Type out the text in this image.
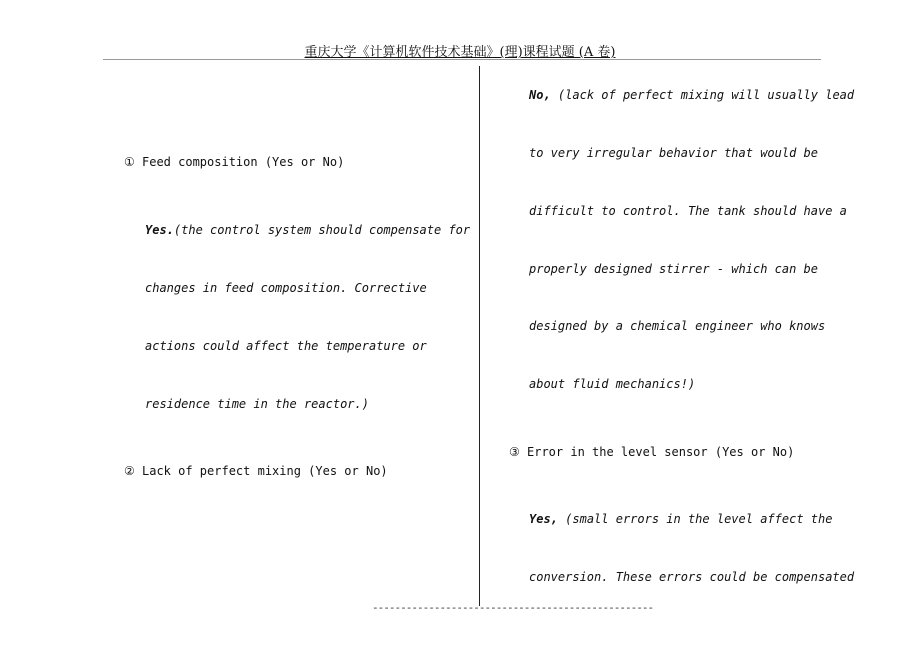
重庆大学《计算机软件技术基础》(理)课程试题 (A 卷)
① Feed composition (Yes or No)
Yes.(the control system should compensate for
changes in feed composition. Corrective
actions could affect the temperature or
residence time in the reactor.)
② Lack of perfect mixing (Yes or No)
No, (lack of perfect mixing will usually lead
to very irregular behavior that would be
difficult to control. The tank should have a
properly designed stirrer - which can be
designed by a chemical engineer who knows
about fluid mechanics!)
③ Error in the level sensor (Yes or No)
Yes, (small errors in the level affect the
conversion. These errors could be compensated
--------------------------------------------------
